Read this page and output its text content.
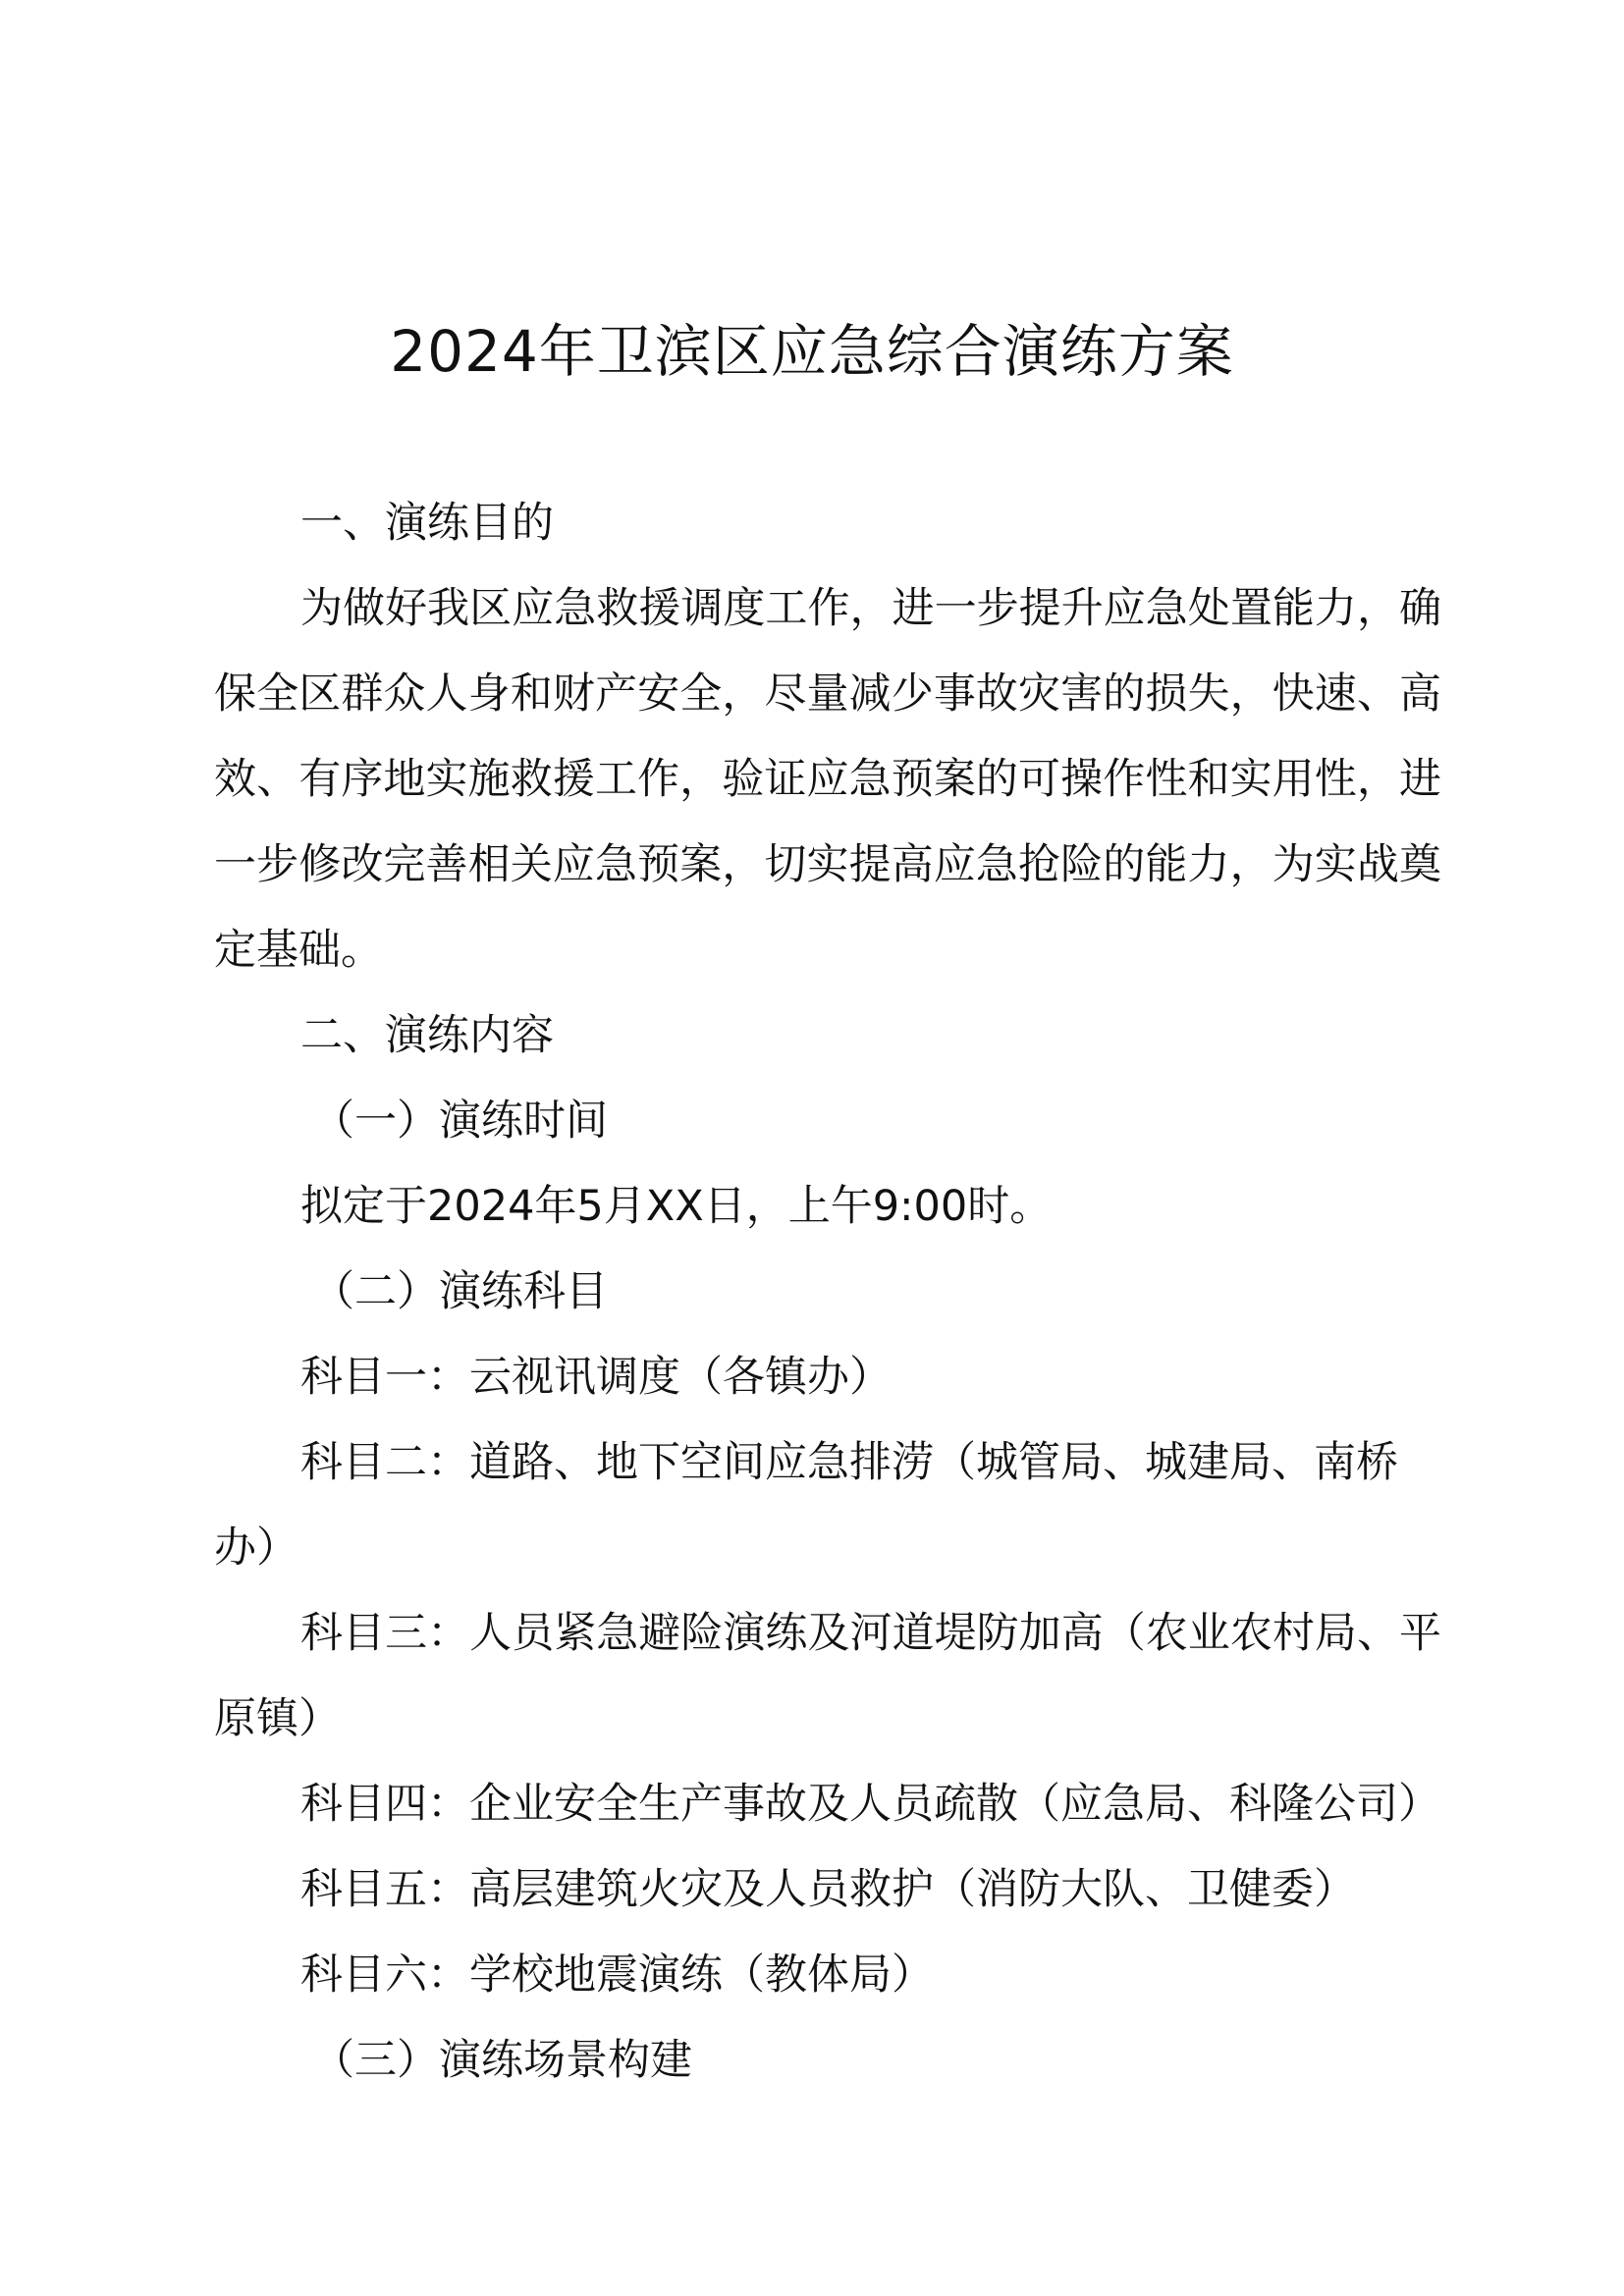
2024年卫滨区应急综合演练方案

一、演练目的

为做好我区应急救援调度工作，进一步提升应急处置能力，确保全区群众人身和财产安全，尽量减少事故灾害的损失，快速、高效、有序地实施救援工作，验证应急预案的可操作性和实用性，进一步修改完善相关应急预案，切实提高应急抢险的能力，为实战奠定基础。

二、演练内容

（一）演练时间

拟定于2024年5月XX日，上午9:00时。

（二）演练科目

科目一：云视讯调度（各镇办）

科目二：道路、地下空间应急排涝（城管局、城建局、南桥办）

科目三：人员紧急避险演练及河道堤防加高（农业农村局、平原镇）

科目四：企业安全生产事故及人员疏散（应急局、科隆公司）

科目五：高层建筑火灾及人员救护（消防大队、卫健委）

科目六：学校地震演练（教体局）

（三）演练场景构建
